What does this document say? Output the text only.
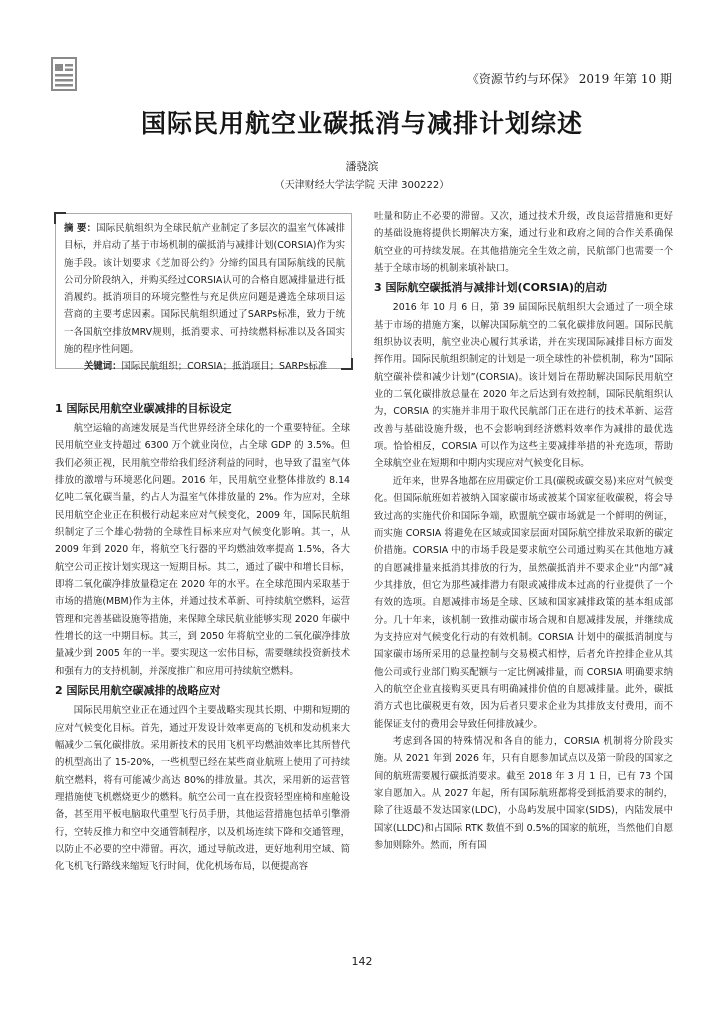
《资源节约与环保》 2019 年第 10 期
国际民用航空业碳抵消与减排计划综述
潘骁滨
（天津财经大学法学院 天津 300222）
摘 要：国际民航组织为全球民航产业制定了多层次的温室气体减排目标，并启动了基于市场机制的碳抵消与减排计划(CORSIA)作为实施手段。该计划要求《芝加哥公约》分缔约国具有国际航线的民航公司分阶段纳入，并购买经过CORSIA认可的合格自愿减排量进行抵消履约。抵消项目的环境完整性与充足供应问题是遴选全球项目运营商的主要考虑因素。国际民航组织通过了SARPs标准，致力于统一各国航空排放MRV规则，抵消要求、可持续燃料标准以及各国实施的程序性问题。
关键词：国际民航组织；CORSIA；抵消项目；SARPs标准

1 国际民用航空业碳减排的目标设定

航空运输的高速发展是当代世界经济全球化的一个重要特征。全球民用航空业支持超过 6300 万个就业岗位，占全球 GDP 的 3.5%。但我们必须正视，民用航空带给我们经济利益的同时，也导致了温室气体排放的激增与环境恶化问题。2016 年，民用航空业整体排放约 8.14 亿吨二氧化碳当量，约占人为温室气体排放量的 2%。作为应对，全球民用航空企业正在积极行动起来应对气候变化，2009 年，国际民航组织制定了三个雄心勃勃的全球性目标来应对气候变化影响。其一，从 2009 年到 2020 年，将航空飞行器的平均燃油效率提高 1.5%，各大航空公司正按计划实现这一短期目标。其二，通过了碳中和增长目标，即将二氧化碳净排放量稳定在 2020 年的水平。在全球范围内采取基于市场的措施(MBM)作为主体，并通过技术革新、可持续航空燃料，运营管理和完善基础设施等措施，来保障全球民航业能够实现 2020 年碳中性增长的这一中期目标。其三，到 2050 年将航空业的二氧化碳净排放量减少到 2005 年的一半。要实现这一宏伟目标，需要继续投资新技术和强有力的支持机制，并深度推广和应用可持续航空燃料。

2 国际民用航空碳减排的战略应对

国际民用航空业正在通过四个主要战略实现其长期、中期和短期的应对气候变化目标。首先，通过开发设计效率更高的飞机和发动机来大幅减少二氧化碳排放。采用新技术的民用飞机平均燃油效率比其所替代的机型高出了 15-20%，一些机型已经在某些商业航班上使用了可持续航空燃料，将有可能减少高达 80%的排放量。其次，采用新的运营管理措施使飞机燃烧更少的燃料。航空公司一直在投资轻型座椅和座舱设备，甚至用平板电脑取代重型飞行员手册，其他运营措施包括单引擎滑行，空转反推力和空中交通管制程序，以及机场连续下降和交通管理，以防止不必要的空中滞留。再次，通过导航改进，更好地利用空域、简化飞机飞行路线来缩短飞行时间，优化机场布局，以便提高容

吐量和防止不必要的滞留。又次，通过技术升级，改良运营措施和更好的基础设施将提供长期解决方案，通过行业和政府之间的合作关系确保航空业的可持续发展。在其他措施完全生效之前，民航部门也需要一个基于全球市场的机制来填补缺口。

3 国际航空碳抵消与减排计划(CORSIA)的启动

2016 年 10 月 6 日，第 39 届国际民航组织大会通过了一项全球基于市场的措施方案，以解决国际航空的二氧化碳排放问题。国际民航组织协议表明，航空业决心履行其承诺，并在实现国际减排目标方面发挥作用。国际民航组织制定的计划是一项全球性的补偿机制，称为“国际航空碳补偿和减少计划”(CORSIA)。该计划旨在帮助解决国际民用航空业的二氧化碳排放总量在 2020 年之后达到有效控制，国际民航组织认为，CORSIA 的实施并非用于取代民航部门正在进行的技术革新、运营改善与基础设施升级，也不会影响到经济燃料效率作为减排的最优选项。恰恰相反，CORSIA 可以作为这些主要减排举措的补充选项，帮助全球航空业在短期和中期内实现应对气候变化目标。

近年来，世界各地都在应用碳定价工具(碳税或碳交易)来应对气候变化。但国际航班如若被纳入国家碳市场或被某个国家征收碳税，将会导致过高的实施代价和国际争端，欧盟航空碳市场就是一个鲜明的例证，而实施 CORSIA 将避免在区域或国家层面对国际航空排放采取新的碳定价措施。CORSIA 中的市场手段是要求航空公司通过购买在其他地方减的自愿减排量来抵消其排放的行为，虽然碳抵消并不要求企业“内部”减少其排放，但它为那些减排潜力有限或减排成本过高的行业提供了一个有效的选项。自愿减排市场是全球、区域和国家减排政策的基本组成部分。几十年来，该机制一致推动碳市场合规和自愿减排发展，并继续成为支持应对气候变化行动的有效机制。CORSIA 计划中的碳抵消制度与国家碳市场所采用的总量控制与交易模式相悖，后者允许控排企业从其他公司或行业部门购买配额与一定比例减排量，而 CORSIA 明确要求纳入的航空企业直接购买更具有明确减排价值的自愿减排量。此外，碳抵消方式也比碳税更有效，因为后者只要求企业为其排放支付费用，而不能保证支付的费用会导致任何排放减少。

考虑到各国的特殊情况和各自的能力，CORSIA 机制将分阶段实施。从 2021 年到 2026 年，只有自愿参加试点以及第一阶段的国家之间的航班需要履行碳抵消要求。截至 2018 年 3 月 1 日，已有 73 个国家自愿加入。从 2027 年起，所有国际航班都将受到抵消要求的制约，除了往返最不发达国家(LDC)，小岛屿发展中国家(SIDS)，内陆发展中国家(LLDC)和占国际 RTK 数值不到 0.5%的国家的航班，当然他们自愿参加则除外。然而，所有国

142
